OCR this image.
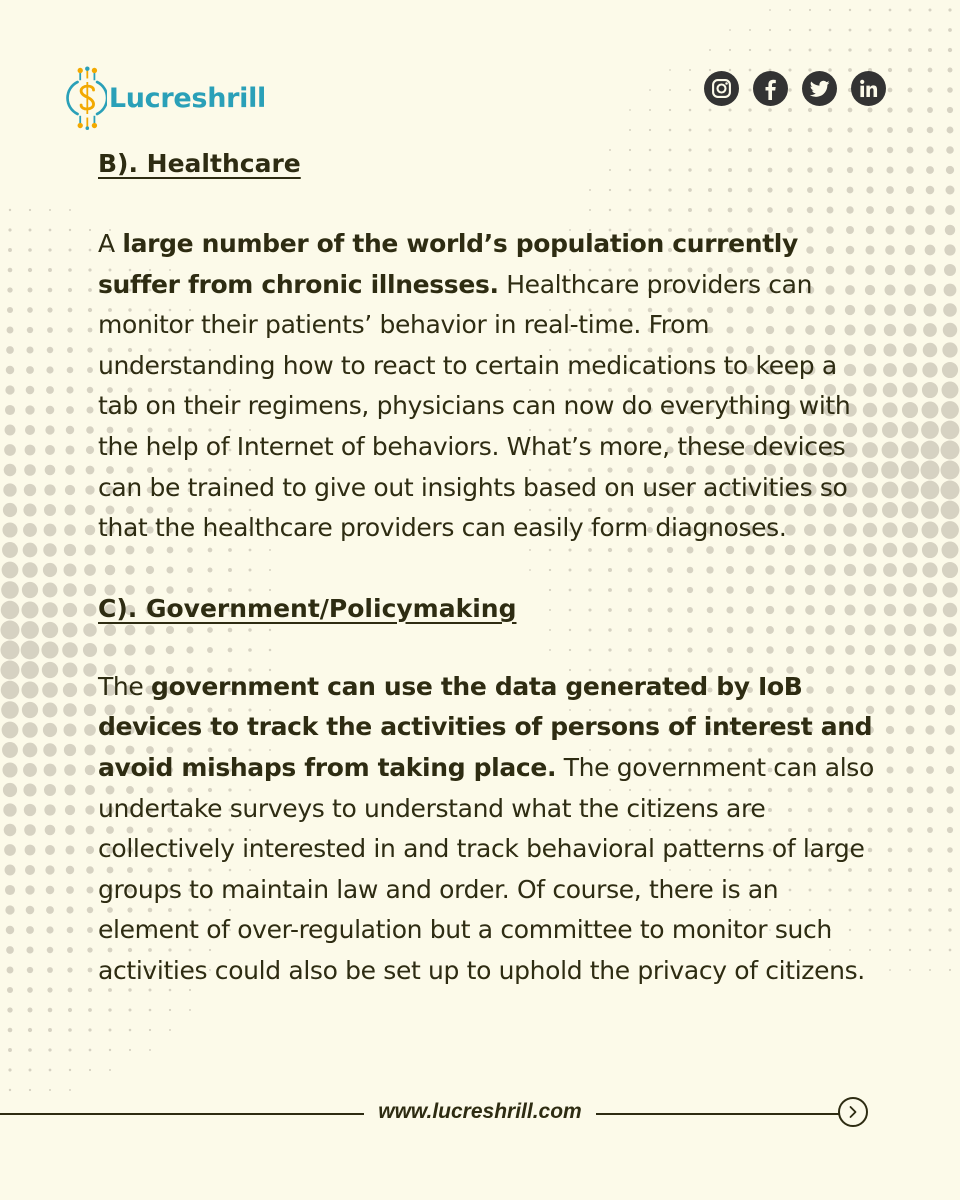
Lucreshrill
B). Healthcare

A large number of the world’s population currently suffer from chronic illnesses. Healthcare providers can monitor their patients’ behavior in real-time. From understanding how to react to certain medications to keep a tab on their regimens, physicians can now do everything with the help of Internet of behaviors. What’s more, these devices can be trained to give out insights based on user activities so that the healthcare providers can easily form diagnoses.

C). Government/Policymaking

The government can use the data generated by IoB devices to track the activities of persons of interest and avoid mishaps from taking place. The government can also undertake surveys to understand what the citizens are collectively interested in and track behavioral patterns of large groups to maintain law and order. Of course, there is an element of over-regulation but a committee to monitor such activities could also be set up to uphold the privacy of citizens.

www.lucreshrill.com
